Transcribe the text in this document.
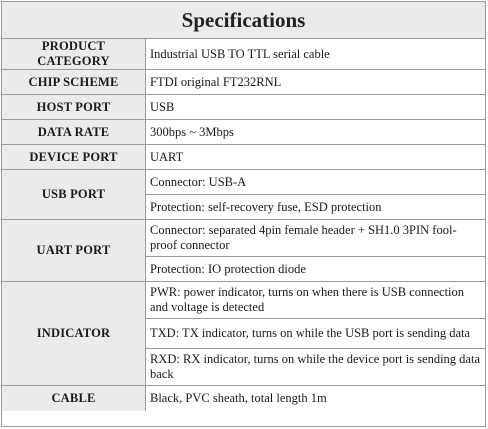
Specifications
PRODUCT CATEGORY	Industrial USB TO TTL serial cable
CHIP SCHEME	FTDI original FT232RNL
HOST PORT	USB
DATA RATE	300bps ~ 3Mbps
DEVICE PORT	UART
USB PORT	Connector: USB-A
	Protection: self-recovery fuse, ESD protection
UART PORT	Connector: separated 4pin female header + SH1.0 3PIN fool-proof connector
	Protection: IO protection diode
INDICATOR	PWR: power indicator, turns on when there is USB connection and voltage is detected
	TXD: TX indicator, turns on while the USB port is sending data
	RXD: RX indicator, turns on while the device port is sending data back
CABLE	Black, PVC sheath, total length 1m
